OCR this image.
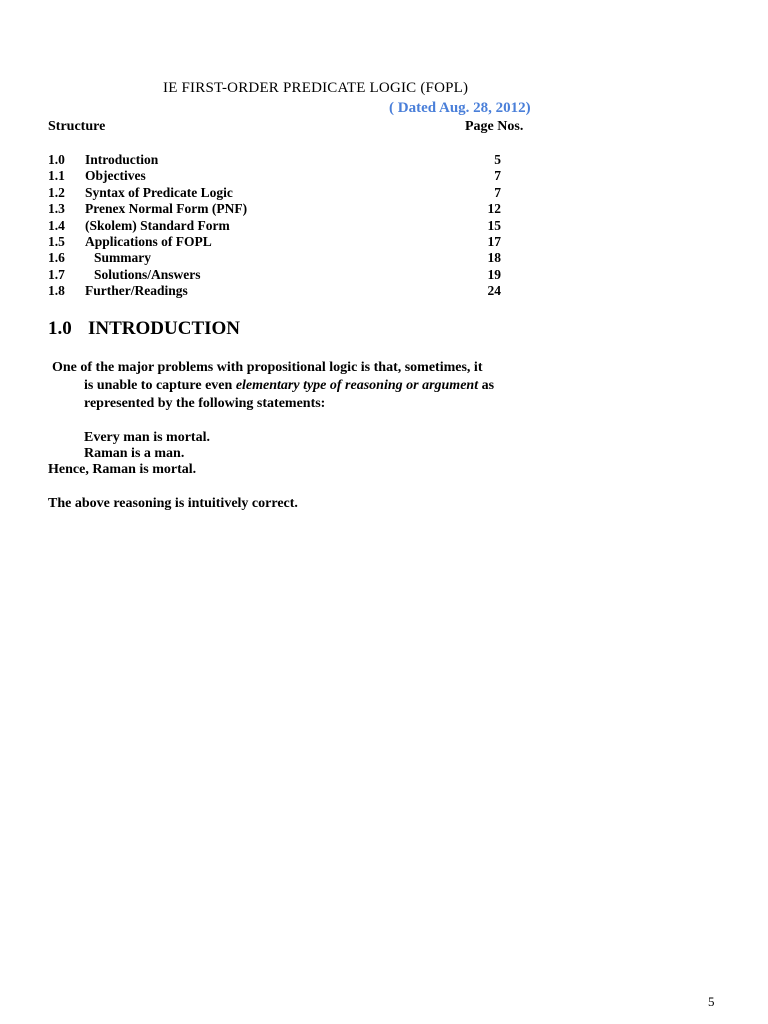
IE FIRST-ORDER PREDICATE LOGIC (FOPL)
( Dated Aug. 28, 2012)
Structure	Page Nos.
1.0 Introduction	5
1.1 Objectives	7
1.2 Syntax of Predicate Logic	7
1.3 Prenex Normal Form (PNF)	12
1.4 (Skolem) Standard Form	15
1.5 Applications of FOPL	17
1.6 Summary	18
1.7 Solutions/Answers	19
1.8 Further/Readings	24
1.0 INTRODUCTION
One of the major problems with propositional logic is that, sometimes, it
is unable to capture even elementary type of reasoning or argument as
represented by the following statements:
Every man is mortal.
Raman is a man.
Hence, Raman is mortal.
The above reasoning is intuitively correct.
5
